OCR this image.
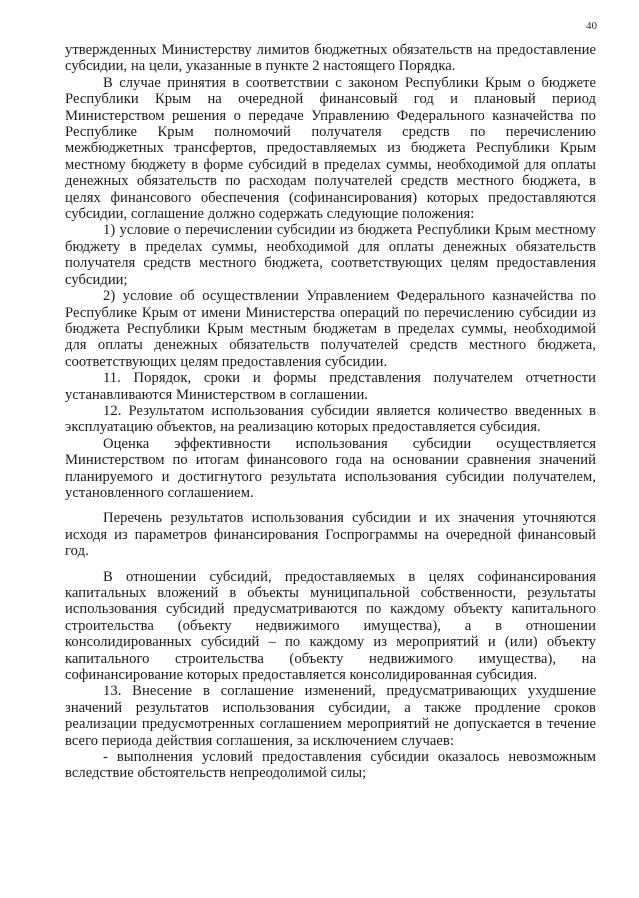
40

утвержденных Министерству лимитов бюджетных обязательств на предоставление субсидии, на цели, указанные в пункте 2 настоящего Порядка.

В случае принятия в соответствии с законом Республики Крым о бюджете Республики Крым на очередной финансовый год и плановый период Министерством решения о передаче Управлению Федерального казначейства по Республике Крым полномочий получателя средств по перечислению межбюджетных трансфертов, предоставляемых из бюджета Республики Крым местному бюджету в форме субсидий в пределах суммы, необходимой для оплаты денежных обязательств по расходам получателей средств местного бюджета, в целях финансового обеспечения (софинансирования) которых предоставляются субсидии, соглашение должно содержать следующие положения:

1) условие о перечислении субсидии из бюджета Республики Крым местному бюджету в пределах суммы, необходимой для оплаты денежных обязательств получателя средств местного бюджета, соответствующих целям предоставления субсидии;

2) условие об осуществлении Управлением Федерального казначейства по Республике Крым от имени Министерства операций по перечислению субсидии из бюджета Республики Крым местным бюджетам в пределах суммы, необходимой для оплаты денежных обязательств получателей средств местного бюджета, соответствующих целям предоставления субсидии.

11. Порядок, сроки и формы представления получателем отчетности устанавливаются Министерством в соглашении.

12. Результатом использования субсидии является количество введенных в эксплуатацию объектов, на реализацию которых предоставляется субсидия.

Оценка эффективности использования субсидии осуществляется Министерством по итогам финансового года на основании сравнения значений планируемого и достигнутого результата использования субсидии получателем, установленного соглашением.

Перечень результатов использования субсидии и их значения уточняются исходя из параметров финансирования Госпрограммы на очередной финансовый год.

В отношении субсидий, предоставляемых в целях софинансирования капитальных вложений в объекты муниципальной собственности, результаты использования субсидий предусматриваются по каждому объекту капитального строительства (объекту недвижимого имущества), а в отношении консолидированных субсидий – по каждому из мероприятий и (или) объекту капитального строительства (объекту недвижимого имущества), на софинансирование которых предоставляется консолидированная субсидия.

13. Внесение в соглашение изменений, предусматривающих ухудшение значений результатов использования субсидии, а также продление сроков реализации предусмотренных соглашением мероприятий не допускается в течение всего периода действия соглашения, за исключением случаев:

- выполнения условий предоставления субсидии оказалось невозможным вследствие обстоятельств непреодолимой силы;
